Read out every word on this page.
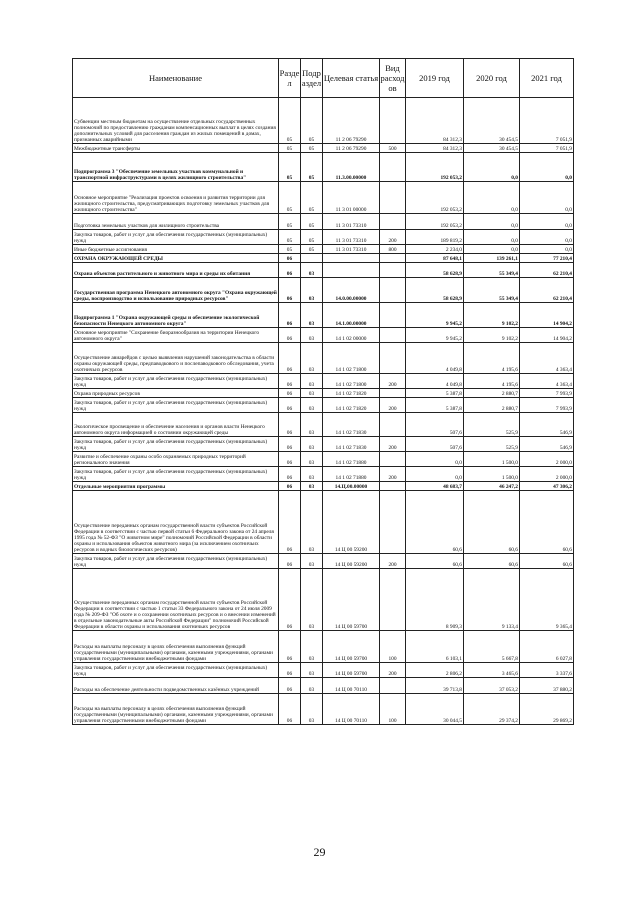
Наименование	Раздел	Подраздел	Целевая статья	Вид расходов	2019 год	2020 год	2021 год
Субвенции местным бюджетам на осуществление отдельных государственных полномочий по предоставлению гражданам компенсационных выплат в целях создания дополнительных условий для расселения граждан из жилых помещений в домах, признанных аварийными	05	05	11 2 06 79290		84 312,3	30 454,5	7 051,9
Межбюджетные трансферты	05	05	11 2 06 79290	500	84 312,3	30 454,5	7 051,9
Подпрограмма 3 "Обеспечение земельных участков коммунальной и транспортной инфраструктурами в целях жилищного строительства"	05	05	11.3.00.00000		192 053,2	0,0	0,0
Основное мероприятие "Реализация проектов освоения и развития территории для жилищного строительства, предусматривающих подготовку земельных участков для жилищного строительства"	05	05	11 3 01 00000		192 053,2	0,0	0,0
Подготовка земельных участков для жилищного строительства	05	05	11 3 01 73310		192 053,2	0,0	0,0
Закупка товаров, работ и услуг для обеспечения государственных (муниципальных) нужд	05	05	11 3 01 73310	200	189 819,2	0,0	0,0
Иные бюджетные ассигнования	05	05	11 3 01 73310	800	2 234,0	0,0	0,0
ОХРАНА ОКРУЖАЮЩЕЙ СРЕДЫ	06				87 648,1	139 261,1	77 210,4
Охрана объектов растительного и животного мира и среды их обитания	06	03			58 628,9	55 349,4	62 210,4
Государственная программа Ненецкого автономного округа "Охрана окружающей среды, воспроизводство и использование природных ресурсов"	06	03	14.0.00.00000		58 628,9	55 349,4	62 210,4
Подпрограмма 1 "Охрана окружающей среды и обеспечение экологической безопасности Ненецкого автономного округа"	06	03	14.1.00.00000		9 945,2	9 102,2	14 904,2
Основное мероприятие "Сохранение биоразнообразия на территории Ненецкого автономного округа"	06	03	14 1 02 00000		9 945,2	9 102,2	14 904,2
Осуществление авиарейдов с целью выявления нарушений законодательства в области охраны окружающей среды, предпаводкового и послепаводкового обследования, учета охотничьих ресурсов	06	03	14 1 02 71800		4 049,8	4 195,6	4 363,4
Закупка товаров, работ и услуг для обеспечения государственных (муниципальных) нужд	06	03	14 1 02 71800	200	4 049,8	4 195,6	4 363,4
Охрана природных ресурсов	06	03	14 1 02 71820		5 387,8	2 880,7	7 993,9
Закупка товаров, работ и услуг для обеспечения государственных (муниципальных) нужд	06	03	14 1 02 71820	200	5 387,8	2 880,7	7 993,9
Экологическое просвещение и обеспечение населения и органов власти Ненецкого автономного округа информацией о состоянии окружающей среды	06	03	14 1 02 71830		507,6	525,9	546,9
Закупка товаров, работ и услуг для обеспечения государственных (муниципальных) нужд	06	03	14 1 02 71830	200	507,6	525,9	546,9
Развитие и обеспечение охраны особо охраняемых природных территорий регионального значения	06	03	14 1 02 71880		0,0	1 500,0	2 000,0
Закупка товаров, работ и услуг для обеспечения государственных (муниципальных) нужд	06	03	14 1 02 71880	200	0,0	1 500,0	2 000,0
Отдельные мероприятия программы	06	03	14.Ц.00.00000		48 683,7	46 247,2	47 306,2
Осуществление переданных органам государственной власти субъектов Российской Федерации в соответствии с частью первой статьи 6 Федерального закона от 24 апреля 1995 года № 52-ФЗ "О животном мире" полномочий Российской Федерации в области охраны и использования объектов животного мира (за исключением охотничьих ресурсов и водных биологических ресурсов)	06	03	14 Ц 00 59200		60,6	60,6	60,6
Закупка товаров, работ и услуг для обеспечения государственных (муниципальных) нужд	06	03	14 Ц 00 59200	200	60,6	60,6	60,6
Осуществление переданных органам государственной власти субъектов Российской Федерации в соответствии с частью 1 статьи 33 Федерального закона от 24 июля 2009 года № 209-ФЗ "Об охоте и о сохранении охотничьих ресурсов и о внесении изменений в отдельные законодательные акты Российской Федерации" полномочий Российской Федерации в области охраны и использования охотничьих ресурсов	06	03	14 Ц 00 59700		8 909,3	9 133,4	9 365,4
Расходы на выплаты персоналу в целях обеспечения выполнения функций государственными (муниципальными) органами, казенными учреждениями, органами управления государственными внебюджетными фондами	06	03	14 Ц 00 59700	100	6 103,1	5 667,8	6 027,8
Закупка товаров, работ и услуг для обеспечения государственных (муниципальных) нужд	06	03	14 Ц 00 59700	200	2 806,2	3 465,6	3 337,6
Расходы на обеспечение деятельности подведомственных казённых учреждений	06	03	14 Ц 00 70110		39 713,8	37 053,2	37 880,2
Расходы на выплаты персоналу в целях обеспечения выполнения функций государственными (муниципальными) органами, казенными учреждениями, органами управления государственными внебюджетными фондами	06	03	14 Ц 00 70110	100	30 044,5	29 374,2	29 869,2
29
